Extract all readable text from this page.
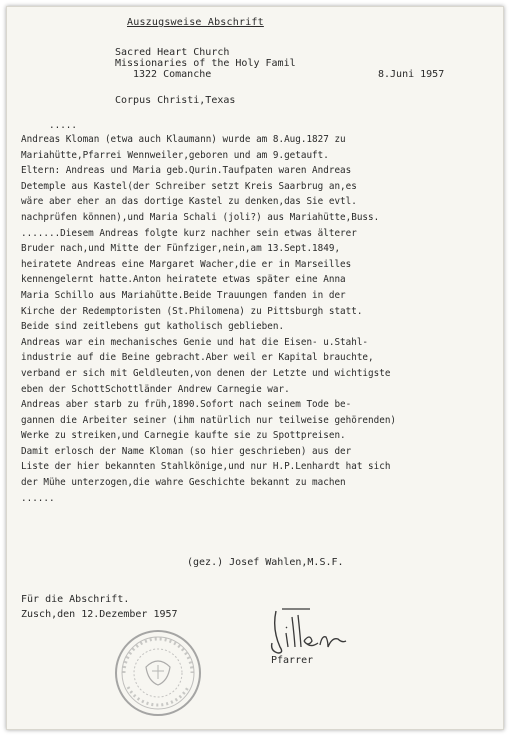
Auszugsweise Abschrift
Sacred Heart Church
Missionaries of the Holy Famil
1322 Comanche	8.Juni 1957
Corpus Christi,Texas
.....
Andreas Kloman (etwa auch Klaumann) wurde am 8.Aug.1827 zu
Mariahütte,Pfarrei Wennweiler,geboren und am 9.getauft.
Eltern: Andreas und Maria geb.Qurin.Taufpaten waren Andreas
Detemple aus Kastel(der Schreiber setzt Kreis Saarbrug an,es
wäre aber eher an das dortige Kastel zu denken,das Sie evtl.
nachprüfen können),und Maria Schali (joli?) aus Mariahütte,Buss.
.......Diesem Andreas folgte kurz nachher sein etwas älterer
Bruder nach,und Mitte der Fünfziger,nein,am 13.Sept.1849,
heiratete Andreas eine Margaret Wacher,die er in Marseilles
kennengelernt hatte.Anton heiratete etwas später eine Anna
Maria Schillo aus Mariahütte.Beide Trauungen fanden in der
Kirche der Redemptoristen (St.Philomena) zu Pittsburgh statt.
Beide sind zeitlebens gut katholisch geblieben.
Andreas war ein mechanisches Genie und hat die Eisen- u.Stahl-
industrie auf die Beine gebracht.Aber weil er Kapital brauchte,
verband er sich mit Geldleuten,von denen der Letzte und wichtigste
eben der SchottSchottländer Andrew Carnegie war.
Andreas aber starb zu früh,1890.Sofort nach seinem Tode be-
gannen die Arbeiter seiner (ihm natürlich nur teilweise gehörenden)
Werke zu streiken,und Carnegie kaufte sie zu Spottpreisen.
Damit erlosch der Name Kloman (so hier geschrieben) aus der
Liste der hier bekannten Stahlkönige,und nur H.P.Lenhardt hat sich
der Mühe unterzogen,die wahre Geschichte bekannt zu machen
......
(gez.) Josef Wahlen,M.S.F.
Für die Abschrift.
Zusch,den 12.Dezember 1957
Pfarrer
